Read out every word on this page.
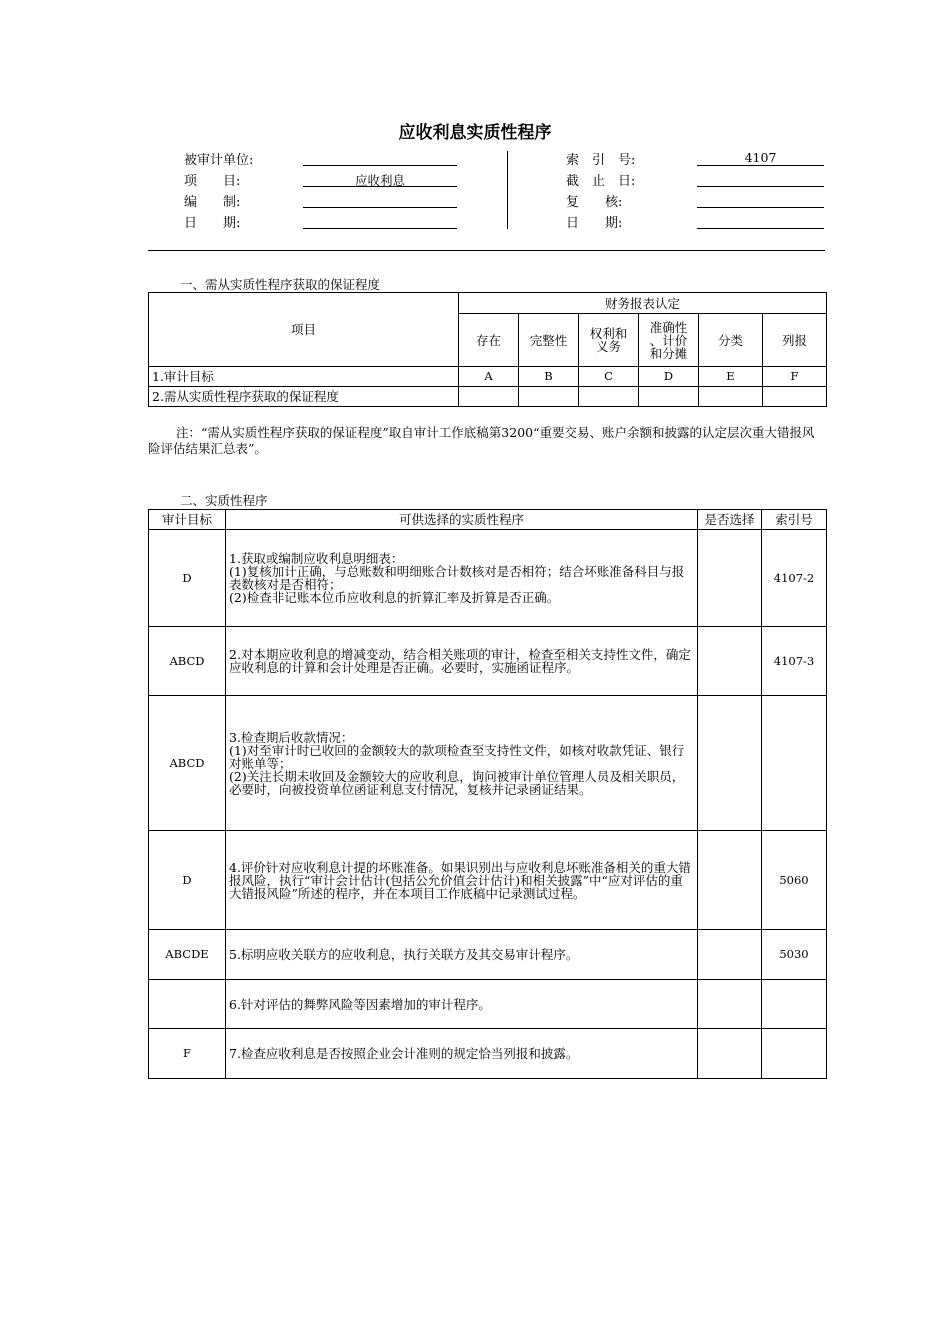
应收利息实质性程序
被审计单位:
项　　目:	应收利息
编　　制:
日　　期:
索　引　号:	4107
截　止　日:
复　　核:
日　　期:
一、需从实质性程序获取的保证程度
项目	财务报表认定					
	存在	完整性	权利和
义务	准确性
、计价
和分摊	分类	列报
1.审计目标	A	B	C	D	E	F
2.需从实质性程序获取的保证程度						
注：“需从实质性程序获取的保证程度”取自审计工作底稿第3200“重要交易、账户余额和披露的认定层次重大错报风险评估结果汇总表”。
二、实质性程序
审计目标	可供选择的实质性程序	是否选择	索引号
D	1.获取或编制应收利息明细表：
(1)复核加计正确，与总账数和明细账合计数核对是否相符；结合坏账准备科目与报表数核对是否相符；
(2)检查非记账本位币应收利息的折算汇率及折算是否正确。		4107-2
ABCD	2.对本期应收利息的增减变动，结合相关账项的审计，检查至相关支持性文件，确定应收利息的计算和会计处理是否正确。必要时，实施函证程序。		4107-3
ABCD	3.检查期后收款情况：
(1)对至审计时已收回的金额较大的款项检查至支持性文件，如核对收款凭证、银行对账单等；
(2)关注长期未收回及金额较大的应收利息，询问被审计单位管理人员及相关职员，必要时，向被投资单位函证利息支付情况，复核并记录函证结果。		
D	4.评价针对应收利息计提的坏账准备。如果识别出与应收利息坏账准备相关的重大错报风险，执行“审计会计估计(包括公允价值会计估计)和相关披露”中“应对评估的重大错报风险”所述的程序，并在本项目工作底稿中记录测试过程。		5060
ABCDE	5.标明应收关联方的应收利息，执行关联方及其交易审计程序。		5030
	6.针对评估的舞弊风险等因素增加的审计程序。		
F	7.检查应收利息是否按照企业会计准则的规定恰当列报和披露。		
